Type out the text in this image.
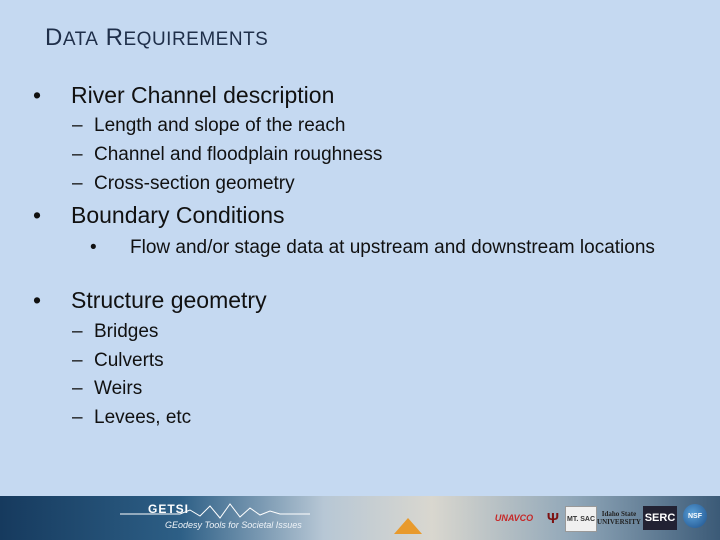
DATA REQUIREMENTS
• River Channel description
– Length and slope of the reach
– Channel and floodplain roughness
– Cross-section geometry
• Boundary Conditions
•	Flow and/or stage data at upstream and downstream locations
• Structure geometry
– Bridges
– Culverts
– Weirs
– Levees, etc
GETSI
GEodesy Tools for Societal Issues
UNAVCO Ψ	MT. SAC
Idaho State
UNIVERSITY SERC	NSF
